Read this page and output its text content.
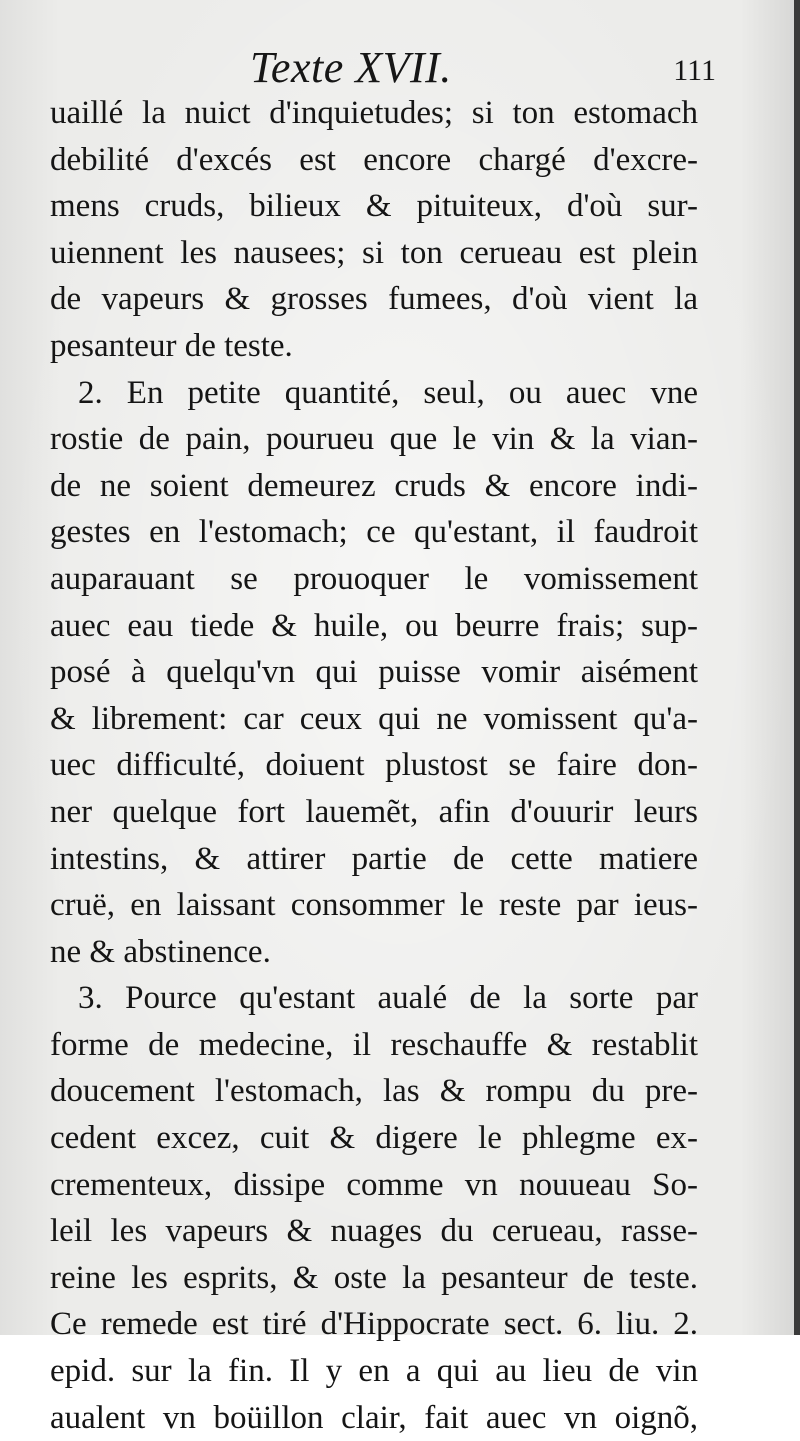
Texte XVII.	111
uaillé la nuict d'inquietudes; si ton estomach
debilité d'excés est encore chargé d'excre-
mens cruds, bilieux & pituiteux, d'où sur-
uiennent les nausees; si ton cerueau est plein
de vapeurs & grosses fumees, d'où vient la
pesanteur de teste.
2. En petite quantité, seul, ou auec vne
rostie de pain, pourueu que le vin & la vian-
de ne soient demeurez cruds & encore indi-
gestes en l'estomach; ce qu'estant, il faudroit
auparauant se prouoquer le vomissement
auec eau tiede & huile, ou beurre frais; sup-
posé à quelqu'vn qui puisse vomir aisément
& librement: car ceux qui ne vomissent qu'a-
uec difficulté, doiuent plustost se faire don-
ner quelque fort lauemẽt, afin d'ouurir leurs
intestins, & attirer partie de cette matiere
cruë, en laissant consommer le reste par ieus-
ne & abstinence.
3. Pource qu'estant aualé de la sorte par
forme de medecine, il reschauffe & restablit
doucement l'estomach, las & rompu du pre-
cedent excez, cuit & digere le phlegme ex-
crementeux, dissipe comme vn nouueau So-
leil les vapeurs & nuages du cerueau, rasse-
reine les esprits, & oste la pesanteur de teste.
Ce remede est tiré d'Hippocrate sect. 6. liu. 2.
epid. sur la fin. Il y en a qui au lieu de vin
aualent vn boüillon clair, fait auec vn oignõ,
